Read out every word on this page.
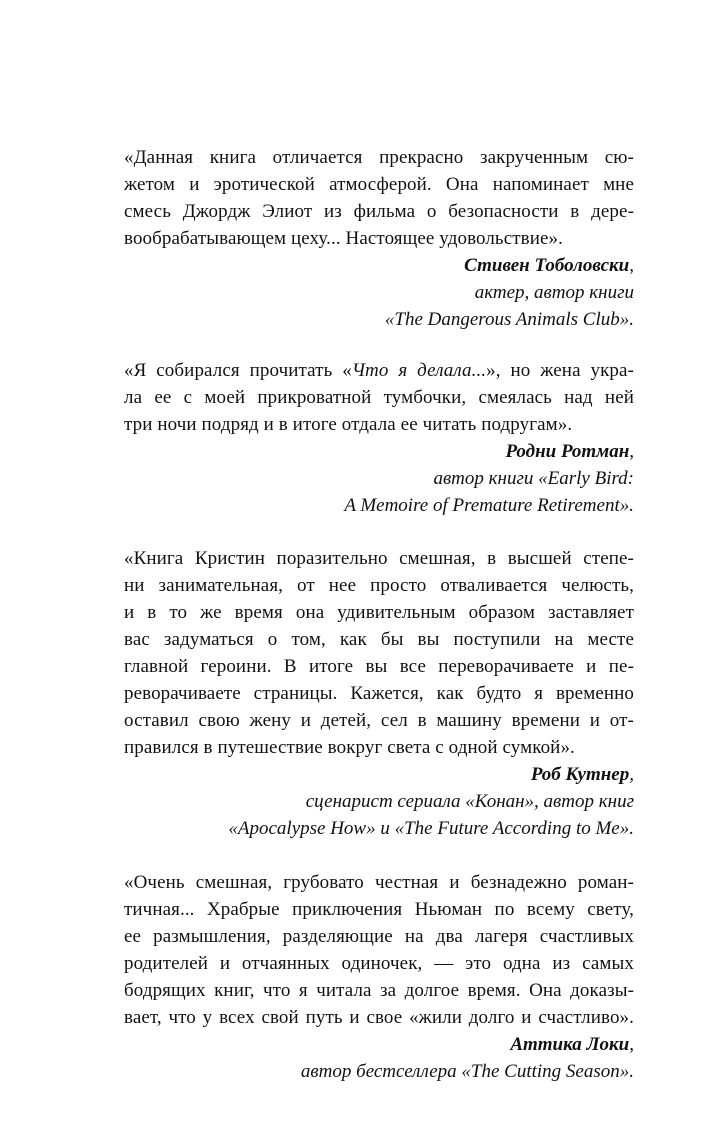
«Данная книга отличается прекрасно закрученным сю-
жетом и эротической атмосферой. Она напоминает мне
смесь Джордж Элиот из фильма о безопасности в дере-
вообрабатывающем цеху... Настоящее удовольствие».
Стивен Тоболовски,
актер, автор книги
«The Dangerous Animals Club».
«Я собирался прочитать «Что я делала...», но жена укра-
ла ее с моей прикроватной тумбочки, смеялась над ней
три ночи подряд и в итоге отдала ее читать подругам».
Родни Ротман,
автор книги «Early Bird:
A Memoire of Premature Retirement».
«Книга Кристин поразительно смешная, в высшей степе-
ни занимательная, от нее просто отваливается челюсть,
и в то же время она удивительным образом заставляет
вас задуматься о том, как бы вы поступили на месте
главной героини. В итоге вы все переворачиваете и пе-
реворачиваете страницы. Кажется, как будто я временно
оставил свою жену и детей, сел в машину времени и от-
правился в путешествие вокруг света с одной сумкой».
Роб Кутнер,
сценарист сериала «Конан», автор книг
«Apocalypse How» и «The Future According to Me».
«Очень смешная, грубовато честная и безнадежно роман-
тичная... Храбрые приключения Ньюман по всему свету,
ее размышления, разделяющие на два лагеря счастливых
родителей и отчаянных одиночек, — это одна из самых
бодрящих книг, что я читала за долгое время. Она доказы-
вает, что у всех свой путь и свое «жили долго и счастливо».
Аттика Локи,
автор бестселлера «The Cutting Season».
